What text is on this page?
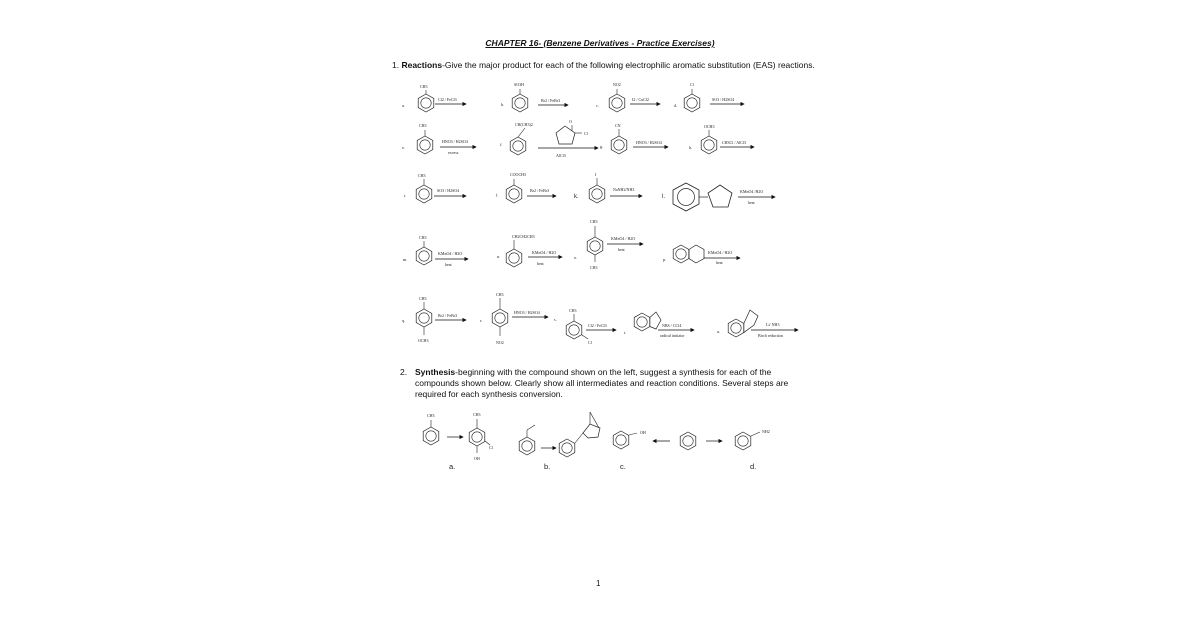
CHAPTER 16- (Benzene Derivatives - Practice Exercises)
1. Reactions-Give the major product for each of the following electrophilic aromatic substitution (EAS) reactions.
a.
CH3
Cl2 / FeCl3
b.
SO3H
Br2 / FeBr3
c.
NO2
I2 / CuCl2
d.
Cl
SO3 / H2SO4
e.
CH3
HNO3 / H2SO4
excess
f.
CH(CH3)2
O
Cl
AlCl3
g.
CN
HNO3 / H2SO4
h.
OCH3
CH3Cl / AlCl3
i.
CH3
SO3 / H2SO4
j.
COOCH3
Br2 / FeBr3
k.
I
NaNH2/NH3
l.
KMnO4 /H2O
heat
m.
CH3
KMnO4 / H2O
heat
n.
CH2CH2CH3
KMnO4 / H2O
heat
o.
CH3
CH3
KMnO4 / H2O
heat
p.
KMnO4 / H2O
heat
q.
CH3
OCH3
Br2 / FeBr3
r.
CH3
NO2
HNO3 / H2SO4
s.
CH3
Cl
Cl2 / FeCl3
t.
NBS / CCl4
radical initiator
u.
Li/ NH3
Birch reduction
CH3	CH3
Cl
OH
a.	b.
OH
c.
NH2
d.
2. Synthesis-beginning with the compound shown on the left, suggest a synthesis for each of the compounds shown below. Clearly show all intermediates and reaction conditions. Several steps are required for each synthesis conversion.
1
